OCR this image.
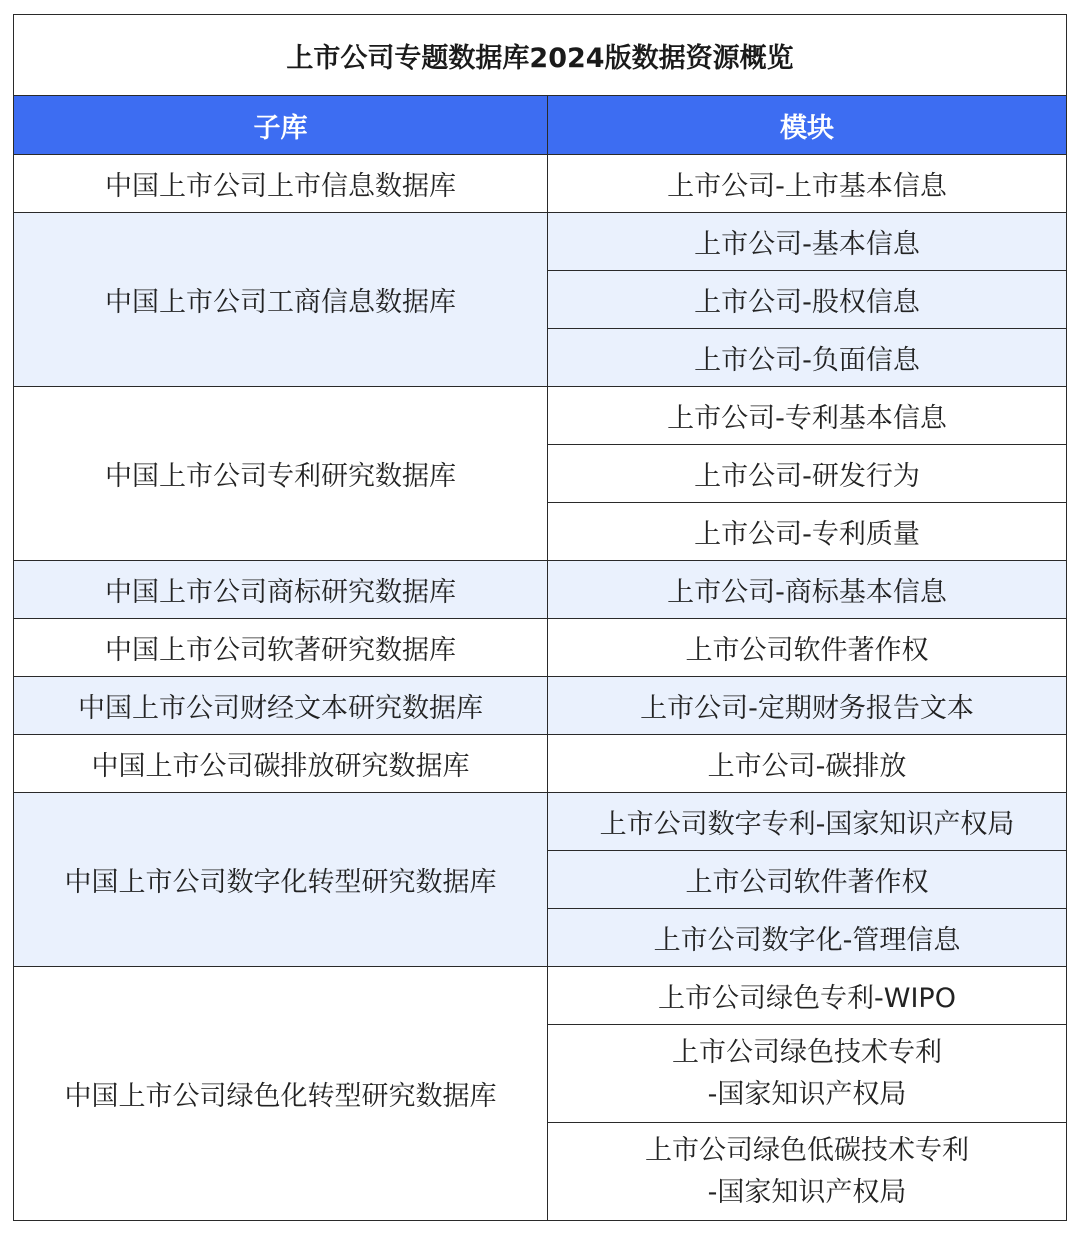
上市公司专题数据库2024版数据资源概览	
子库	模块
中国上市公司上市信息数据库	上市公司-上市基本信息
中国上市公司工商信息数据库	上市公司-基本信息
	上市公司-股权信息
	上市公司-负面信息
中国上市公司专利研究数据库	上市公司-专利基本信息
	上市公司-研发行为
	上市公司-专利质量
中国上市公司商标研究数据库	上市公司-商标基本信息
中国上市公司软著研究数据库	上市公司软件著作权
中国上市公司财经文本研究数据库	上市公司-定期财务报告文本
中国上市公司碳排放研究数据库	上市公司-碳排放
中国上市公司数字化转型研究数据库	上市公司数字专利-国家知识产权局
	上市公司软件著作权
	上市公司数字化-管理信息
中国上市公司绿色化转型研究数据库	上市公司绿色专利-WIPO
	上市公司绿色技术专利
-国家知识产权局
	上市公司绿色低碳技术专利
-国家知识产权局
